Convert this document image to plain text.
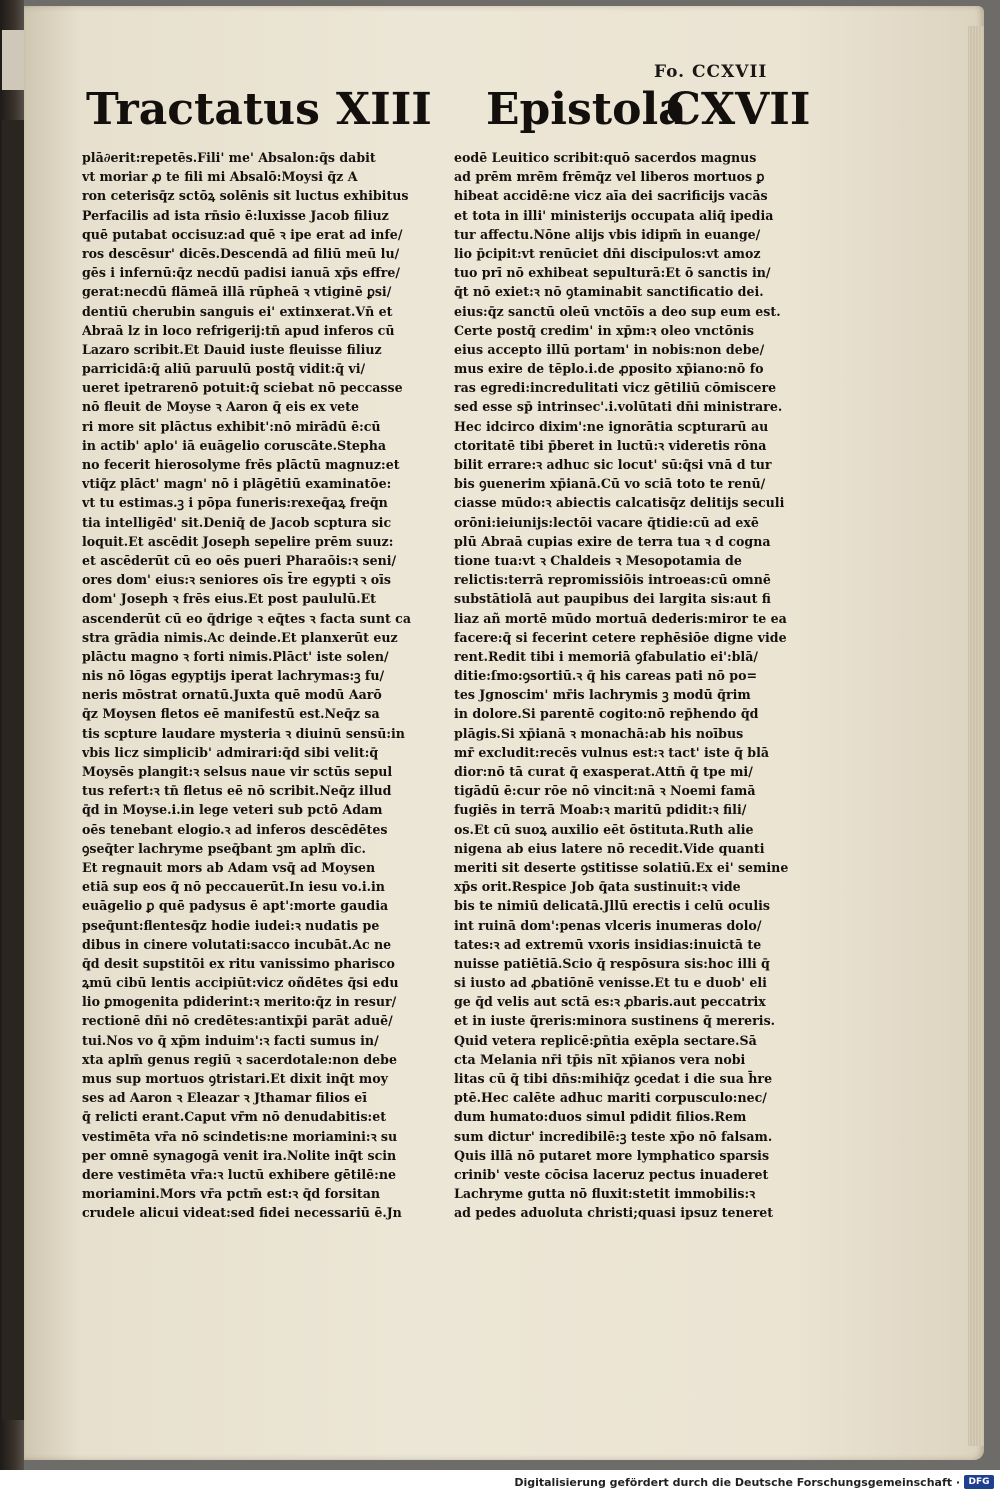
Fo. CCXVII
Tractatus XIII Epistola
CXVII
plā∂erit:repetēs.Fili' me' Absalon:q̄s dabit
vt moriar ꝓ te fili mi Absalō:Moysi q̄z A
ron ceterisq̄z sctōꝝ solēnis sit luctus exhibitus
Perfacilis ad ista rn̄sio ē:luxisse Jacob filiuz
quē putabat occisuz:ad quē ꝛ ipe erat ad infe/
ros descēsur' dicēs.Descendā ad filiū meū lu/
gēs i infernū:q̄z necdū padisi ianuā xp̄s effre/
gerat:necdū flāmeā illā rūpheā ꝛ vtiginē ꝑsi/
dentiū cherubin sanguis ei' extinxerat.Vn̄ et
Abraā lz in loco refrigerij:tn̄ apud inferos cū
Lazaro scribit.Et Dauid iuste fleuisse filiuz
parricidā:q̄ aliū paruulū postq̄ vidit:q̄ vi/
ueret ipetrarenō potuit:q̄ sciebat nō peccasse
nō fleuit de Moyse ꝛ Aaron q̄ eis ex vete
ri more sit plāctus exhibit':nō mirādū ē:cū
in actib' aplo' iā euāgelio coruscāte.Stepha
no fecerit hierosolyme frēs plāctū magnuz:et
vtiq̄z plāct' magn' nō i plāgētiū examinatōe:
vt tu estimas.ꝫ i pōpa funeris:rexeq̄aꝝ freq̄n
tia intelligēd' sit.Deniq̄ de Jacob scptura sic
loquit.Et ascēdit Joseph sepelire prēm suuz:
et ascēderūt cū eo oēs pueri Pharaōis:ꝛ seni/
ores dom' eius:ꝛ seniores oīs t̄re egypti ꝛ oīs
dom' Joseph ꝛ frēs eius.Et post paululū.Et
ascenderūt cū eo q̄drige ꝛ eq̄tes ꝛ facta sunt ca
stra grādia nimis.Ac deinde.Et planxerūt euz
plāctu magno ꝛ forti nimis.Plāct' iste solen/
nis nō lōgas egyptijs iperat lachrymas:ꝫ fu/
neris mōstrat ornatū.Juxta quē modū Aarō
q̄z Moysen fletos eē manifestū est.Neq̄z sa
tis scpture laudare mysteria ꝛ diuinū sensū:in
vbis licz simplicib' admirari:q̄d sibi velit:q̄
Moysēs plangit:ꝛ selsus naue vir sctūs sepul
tus refert:ꝛ tn̄ fletus eē nō scribit.Neq̄z illud
q̄d in Moyse.i.in lege veteri sub pctō Adam
oēs tenebant elogio.ꝛ ad inferos descēdētes
ꝯseq̄ter lachryme pseq̄bant ꝫm aplm̄ dīc.
Et regnauit mors ab Adam vsq̄ ad Moysen
etiā sup eos q̄ nō peccauerūt.In iesu vo.i.in
euāgelio ꝑ quē padysus ē apt':morte gaudia
pseq̄unt:flentesq̄z hodie iudei:ꝛ nudatis pe
dibus in cinere volutati:sacco incubāt.Ac ne
q̄d desit supstitōi ex ritu vanissimo pharisco
ꝝmū cibū lentis accipiūt:vicz oñdētes q̄si edu
lio ꝑmogenita pdiderint:ꝛ merito:q̄z in resur/
rectionē dn̄i nō credētes:antixp̄i parāt aduē/
tui.Nos vo q̄ xp̄m induim':ꝛ facti sumus in/
xta aplm̄ genus regiū ꝛ sacerdotale:non debe
mus sup mortuos ꝯtristari.Et dixit inq̄t moy
ses ad Aaron ꝛ Eleazar ꝛ Jthamar filios eī
q̄ relicti erant.Caput vr̄m nō denudabitis:et
vestimēta vr̄a nō scindetis:ne moriamini:ꝛ su
per omnē synagogā venit ira.Nolite inq̄t scin
dere vestimēta vr̄a:ꝛ luctū exhibere gētilē:ne
moriamini.Mors vr̄a pctm̄ est:ꝛ q̄d forsitan
crudele alicui videat:sed fidei necessariū ē.Jn
eodē Leuitico scribit:quō sacerdos magnus
ad prēm mrēm frēmq̄z vel liberos mortuos ꝑ
hibeat accidē:ne vicz aīa dei sacrificijs vacās
et tota in illi' ministerijs occupata aliq̄ ipedia
tur affectu.Nōne alijs vbis idipm̄ in euange/
lio p̄cipit:vt renūciet dn̄i discipulos:vt amoz
tuo prī nō exhibeat sepulturā:Et ō sanctis in/
q̄t nō exiet:ꝛ nō ꝯtaminabit sanctificatio dei.
eius:q̄z sanctū oleū vnctōīs a deo sup eum est.
Certe postq̄ credim' in xp̄m:ꝛ oleo vnctōnis
eius accepto illū portam' in nobis:non debe/
mus exire de tēplo.i.de ꝓposito xp̄iano:nō fo
ras egredi:incredulitati vicz gētiliū cōmiscere
sed esse sp̄ intrinsec'.i.volūtati dn̄i ministrare.
Hec idcirco dixim':ne ignorātia scpturarū au
ctoritatē tibi p̄beret in luctū:ꝛ videretis rōna
bilit errare:ꝛ adhuc sic locut' sū:q̄si vnā d tur
bis ꝯuenerim xp̄ianā.Cū vo sciā toto te renū/
ciasse mūdo:ꝛ abiectis calcatisq̄z delitijs seculi
orōni:ieiunijs:lectōi vacare q̄tidie:cū ad exē
plū Abraā cupias exire de terra tua ꝛ d cogna
tione tua:vt ꝛ Chaldeis ꝛ Mesopotamia de
relictis:terrā repromissiōis introeas:cū omnē
substātiolā aut paupibus dei largita sis:aut fi
liaz añ mortē mūdo mortuā dederis:miror te ea
facere:q̄ si fecerint cetere rephēsiōe digne vide
rent.Redit tibi i memoriā ꝯfabulatio ei':blā/
ditie:ſmo:ꝯsortiū.ꝛ q̄ his careas pati nō po=
tes Jgnoscim' mr̄is lachrymis ꝫ modū q̄rim
in dolore.Si parentē cogito:nō rep̄hendo q̄d
plāgis.Si xp̄ianā ꝛ monachā:ab his noībus
mr̄ excludit:recēs vulnus est:ꝛ tact' iste q̄ blā
dior:nō tā curat q̄ exasperat.Attn̄ q̄ tpe mi/
tigādū ē:cur rōe nō vincit:nā ꝛ Noemi famā
fugiēs in terrā Moab:ꝛ maritū pdidit:ꝛ fili/
os.Et cū suoꝝ auxilio eēt ōstituta.Ruth alie
nigena ab eius latere nō recedit.Vide quanti
meriti sit deserte ꝯstitisse solatiū.Ex ei' semine
xp̄s orit.Respice Job q̄ata sustinuit:ꝛ vide
bis te nimiū delicatā.Jllū erectis i celū oculis
int ruinā dom':penas vlceris inumeras dolo/
tates:ꝛ ad extremū vxoris insidias:inuictā te
nuisse patiētiā.Scio q̄ respōsura sis:hoc illi q̄
si iusto ad ꝓbatiōnē venisse.Et tu e duob' eli
ge q̄d velis aut sctā es:ꝛ ꝓbaris.aut peccatrix
et in iuste q̄reris:minora sustinens q̄ mereris.
Quid vetera replicē:ꝑn̄tia exēpla sectare.Sā
cta Melania nr̄i tp̄is nīt xp̄ianos vera nobi
litas cū q̄ tibi dn̄s:mihiq̄z ꝯcedat i die sua h̄re
ptē.Hec calēte adhuc mariti corpusculo:nec/
dum humato:duos simul pdidit filios.Rem
sum dictur' incredibilē:ꝫ teste xp̄o nō falsam.
Quis illā nō putaret more lymphatico sparsis
crinib' veste cōcisa laceruz pectus inuaderet
Lachryme gutta nō fluxit:stetit immobilis:ꝛ
ad pedes aduoluta christi;quasi ipsuz teneret
Digitalisierung gefördert durch die Deutsche Forschungsgemeinschaft · DFG
